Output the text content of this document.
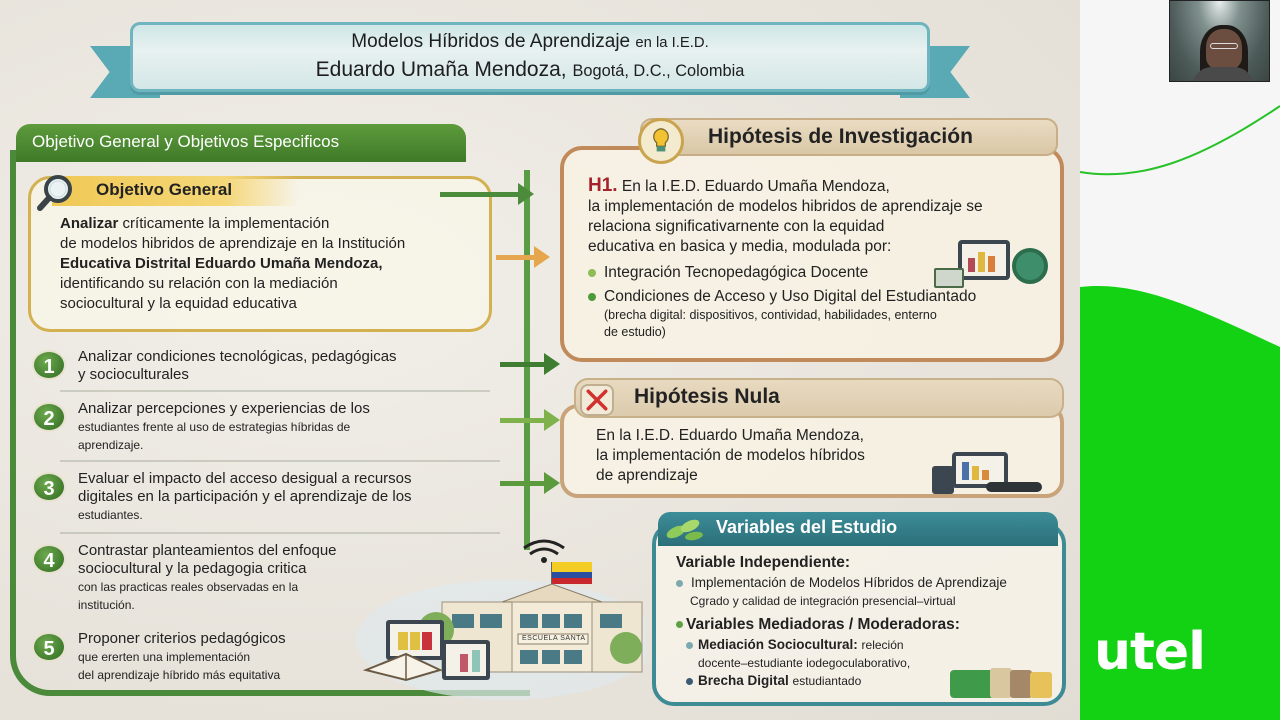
Modelos Híbridos de Aprendizaje en la I.E.D.
Eduardo Umaña Mendoza, Bogotá, D.C., Colombia
Objetivo General y Objetivos Especificos
Objetivo General
Analizar críticamente la implementación
de modelos hibridos de aprendizaje en la Institución
Educativa Distrital Eduardo Umaña Mendoza,
identificando su relación con la mediación
sociocultural y la equidad educativa
1	Analizar condiciones tecnológicas, pedagógicas
y socioculturales
2	Analizar percepciones y experiencias de los
estudiantes frente al uso de estrategias híbridas de
aprendizaje.
3	Evaluar el impacto del acceso desigual a recursos
digitales en la participación y el aprendizaje de los
estudiantes.
4	Contrastar planteamientos del enfoque
sociocultural y la pedagogia critica
con las practicas reales observadas en la
institución.
5	Proponer criterios pedagógicos
que ererten una implementación
del aprendizaje híbrido más equitativa
Hipótesis de Investigación
H1. En la I.E.D. Eduardo Umaña Mendoza,
la implementación de modelos hibridos de aprendizaje se
relaciona significativarnente con la equidad
educativa en basica y media, modulada por:
Integración Tecnopedagógica Docente
Condiciones de Acceso y Uso Digital del Estudiantado
(brecha digital: dispositivos, contividad, habilidades, enterno
de estudio)
Hipótesis Nula
En la I.E.D. Eduardo Umaña Mendoza,
la implementación de modelos híbridos
de aprendizaje
Variables del Estudio
Variable Independiente:
Implementación de Modelos Híbridos de Aprendizaje
Cgrado y calidad de integración presencial–virtual
Variables Mediadoras / Moderadoras:
Mediación Sociocultural: releción
docente–estudiante iodegoculaborativo,
Brecha Digital estudiantado
ESCUELA SANTA	utel
